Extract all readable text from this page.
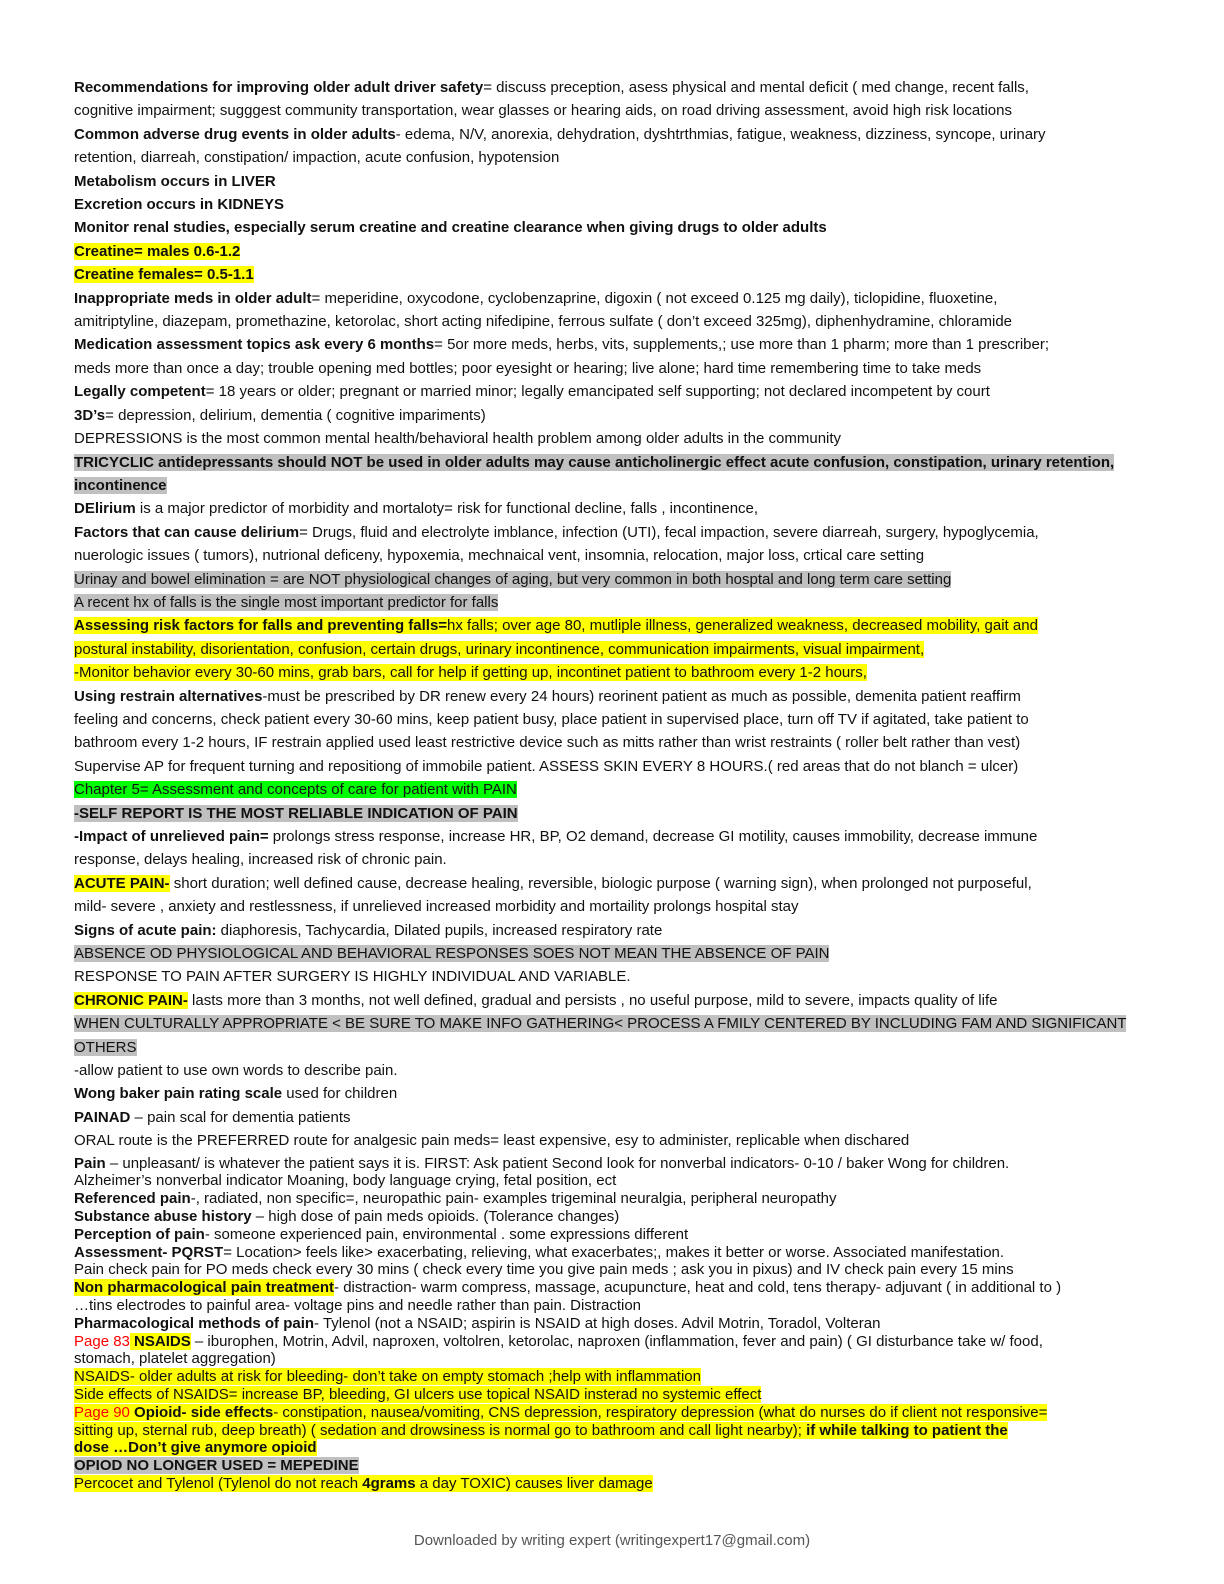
Recommendations for improving older adult driver safety= discuss preception, asess physical and mental deficit ( med change, recent falls,
cognitive impairment; sugggest community transportation, wear glasses or hearing aids, on road driving assessment, avoid high risk locations
Common adverse drug events in older adults- edema, N/V, anorexia, dehydration, dyshtrthmias, fatigue, weakness, dizziness, syncope, urinary
retention, diarreah, constipation/ impaction, acute confusion, hypotension
Metabolism occurs in LIVER
Excretion occurs in KIDNEYS
Monitor renal studies, especially serum creatine and creatine clearance when giving drugs to older adults
Creatine= males 0.6-1.2
Creatine females= 0.5-1.1
Inappropriate meds in older adult= meperidine, oxycodone, cyclobenzaprine, digoxin ( not exceed 0.125 mg daily), ticlopidine, fluoxetine,
amitriptyline, diazepam, promethazine, ketorolac, short acting nifedipine, ferrous sulfate ( don’t exceed 325mg), diphenhydramine, chloramide
Medication assessment topics ask every 6 months= 5or more meds, herbs, vits, supplements,; use more than 1 pharm; more than 1 prescriber;
meds more than once a day; trouble opening med bottles; poor eyesight or hearing; live alone; hard time remembering time to take meds
Legally competent= 18 years or older; pregnant or married minor; legally emancipated self supporting; not declared incompetent by court
3D’s= depression, delirium, dementia ( cognitive impariments)
DEPRESSIONS is the most common mental health/behavioral health problem among older adults in the community
TRICYCLIC antidepressants should NOT be used in older adults may cause anticholinergic effect acute confusion, constipation, urinary retention,
incontinence
DElirium is a major predictor of morbidity and mortaloty= risk for functional decline, falls , incontinence,
Factors that can cause delirium= Drugs, fluid and electrolyte imblance, infection (UTI), fecal impaction, severe diarreah, surgery, hypoglycemia,
nuerologic issues ( tumors), nutrional deficeny, hypoxemia, mechnaical vent, insomnia, relocation, major loss, crtical care setting
Urinay and bowel elimination = are NOT physiological changes of aging, but very common in both hosptal and long term care setting
A recent hx of falls is the single most important predictor for falls
Assessing risk factors for falls and preventing falls=hx falls; over age 80, mutliple illness, generalized weakness, decreased mobility, gait and
postural instability, disorientation, confusion, certain drugs, urinary incontinence, communication impairments, visual impairment,
-Monitor behavior every 30-60 mins, grab bars, call for help if getting up, incontinet patient to bathroom every 1-2 hours,
Using restrain alternatives-must be prescribed by DR renew every 24 hours) reorinent patient as much as possible, demenita patient reaffirm
feeling and concerns, check patient every 30-60 mins, keep patient busy, place patient in supervised place, turn off TV if agitated, take patient to
bathroom every 1-2 hours, IF restrain applied used least restrictive device such as mitts rather than wrist restraints ( roller belt rather than vest)
Supervise AP for frequent turning and repositiong of immobile patient. ASSESS SKIN EVERY 8 HOURS.( red areas that do not blanch = ulcer)
Chapter 5= Assessment and concepts of care for patient with PAIN
-SELF REPORT IS THE MOST RELIABLE INDICATION OF PAIN
-Impact of unrelieved pain= prolongs stress response, increase HR, BP, O2 demand, decrease GI motility, causes immobility, decrease immune
response, delays healing, increased risk of chronic pain.
ACUTE PAIN- short duration; well defined cause, decrease healing, reversible, biologic purpose ( warning sign), when prolonged not purposeful,
mild- severe , anxiety and restlessness, if unrelieved increased morbidity and mortaility prolongs hospital stay
Signs of acute pain: diaphoresis, Tachycardia, Dilated pupils, increased respiratory rate
ABSENCE OD PHYSIOLOGICAL AND BEHAVIORAL RESPONSES SOES NOT MEAN THE ABSENCE OF PAIN
RESPONSE TO PAIN AFTER SURGERY IS HIGHLY INDIVIDUAL AND VARIABLE.
CHRONIC PAIN- lasts more than 3 months, not well defined, gradual and persists , no useful purpose, mild to severe, impacts quality of life
WHEN CULTURALLY APPROPRIATE < BE SURE TO MAKE INFO GATHERING< PROCESS A FMILY CENTERED BY INCLUDING FAM AND SIGNIFICANT
OTHERS
-allow patient to use own words to describe pain.
Wong baker pain rating scale used for children
PAINAD – pain scal for dementia patients
ORAL route is the PREFERRED route for analgesic pain meds= least expensive, esy to administer, replicable when dischared
Pain – unpleasant/ is whatever the patient says it is. FIRST: Ask patient Second look for nonverbal indicators- 0-10 / baker Wong for children.
Alzheimer’s nonverbal indicator Moaning, body language crying, fetal position, ect
Referenced pain-, radiated, non specific=, neuropathic pain- examples trigeminal neuralgia, peripheral neuropathy
Substance abuse history – high dose of pain meds opioids. (Tolerance changes)
Perception of pain- someone experienced pain, environmental . some expressions different
Assessment- PQRST= Location> feels like> exacerbating, relieving, what exacerbates;, makes it better or worse. Associated manifestation.
Pain check pain for PO meds check every 30 mins ( check every time you give pain meds ; ask you in pixus) and IV check pain every 15 mins
Non pharmacological pain treatment- distraction- warm compress, massage, acupuncture, heat and cold, tens therapy- adjuvant ( in additional to )
…tins electrodes to painful area- voltage pins and needle rather than pain. Distraction
Pharmacological methods of pain- Tylenol (not a NSAID; aspirin is NSAID at high doses. Advil Motrin, Toradol, Volteran
Page 83 NSAIDS – iburophen, Motrin, Advil, naproxen, voltolren, ketorolac, naproxen (inflammation, fever and pain) ( GI disturbance take w/ food,
stomach, platelet aggregation)
NSAIDS- older adults at risk for bleeding- don’t take on empty stomach ;help with inflammation
Side effects of NSAIDS= increase BP, bleeding, GI ulcers use topical NSAID insterad no systemic effect
Page 90 Opioid- side effects- constipation, nausea/vomiting, CNS depression, respiratory depression (what do nurses do if client not responsive=
sitting up, sternal rub, deep breath) ( sedation and drowsiness is normal go to bathroom and call light nearby); if while talking to patient the
dose …Don’t give anymore opioid
OPIOD NO LONGER USED = MEPEDINE
Percocet and Tylenol (Tylenol do not reach 4grams a day TOXIC) causes liver damage
Downloaded by writing expert (writingexpert17@gmail.com)
